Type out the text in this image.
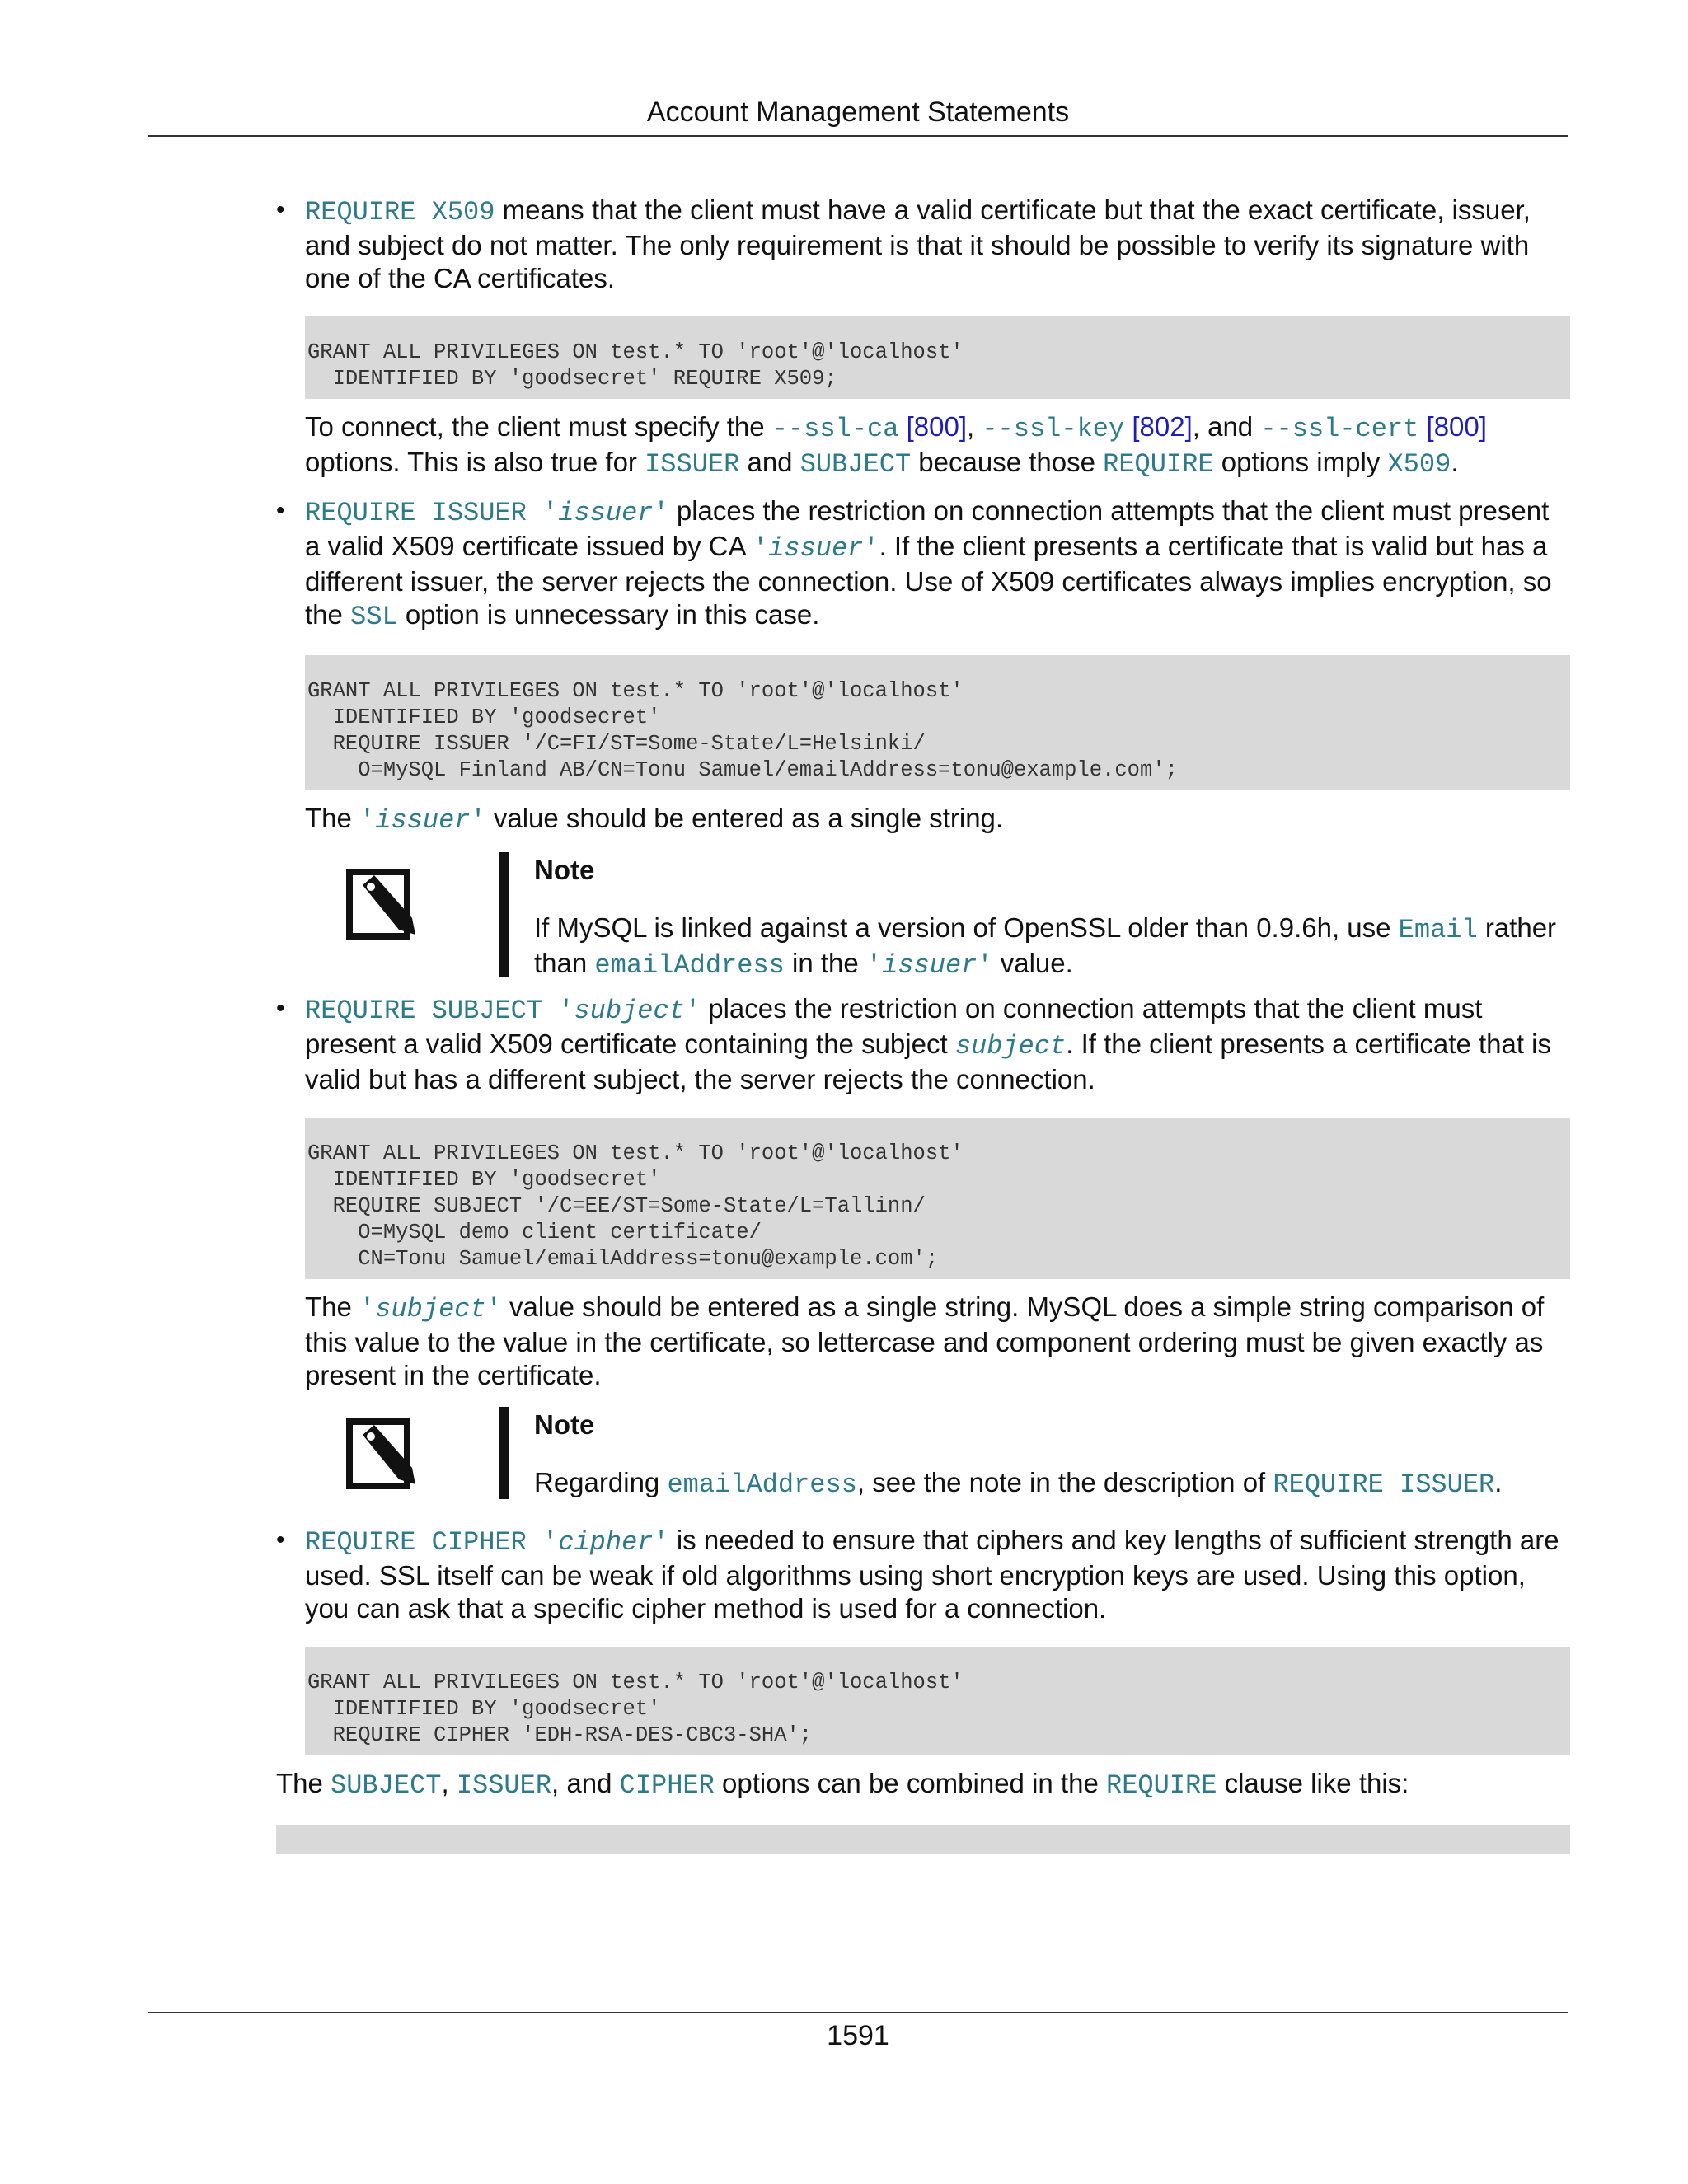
Account Management Statements
• REQUIRE X509 means that the client must have a valid certificate but that the exact certificate, issuer, and subject do not matter. The only requirement is that it should be possible to verify its signature with one of the CA certificates.

GRANT ALL PRIVILEGES ON test.* TO 'root'@'localhost'
IDENTIFIED BY 'goodsecret' REQUIRE X509;

To connect, the client must specify the --ssl-ca [800], --ssl-key [802], and --ssl-cert [800] options. This is also true for ISSUER and SUBJECT because those REQUIRE options imply X509.

• REQUIRE ISSUER 'issuer' places the restriction on connection attempts that the client must present a valid X509 certificate issued by CA 'issuer'. If the client presents a certificate that is valid but has a different issuer, the server rejects the connection. Use of X509 certificates always implies encryption, so the SSL option is unnecessary in this case.

GRANT ALL PRIVILEGES ON test.* TO 'root'@'localhost'
IDENTIFIED BY 'goodsecret'
REQUIRE ISSUER '/C=FI/ST=Some-State/L=Helsinki/
O=MySQL Finland AB/CN=Tonu Samuel/emailAddress=tonu@example.com';

The 'issuer' value should be entered as a single string.

Note
If MySQL is linked against a version of OpenSSL older than 0.9.6h, use Email rather than emailAddress in the 'issuer' value.
• REQUIRE SUBJECT 'subject' places the restriction on connection attempts that the client must present a valid X509 certificate containing the subject subject. If the client presents a certificate that is valid but has a different subject, the server rejects the connection.

GRANT ALL PRIVILEGES ON test.* TO 'root'@'localhost'
IDENTIFIED BY 'goodsecret'
REQUIRE SUBJECT '/C=EE/ST=Some-State/L=Tallinn/
O=MySQL demo client certificate/
CN=Tonu Samuel/emailAddress=tonu@example.com';

The 'subject' value should be entered as a single string. MySQL does a simple string comparison of this value to the value in the certificate, so lettercase and component ordering must be given exactly as present in the certificate.

Note
Regarding emailAddress, see the note in the description of REQUIRE ISSUER.
• REQUIRE CIPHER 'cipher' is needed to ensure that ciphers and key lengths of sufficient strength are used. SSL itself can be weak if old algorithms using short encryption keys are used. Using this option, you can ask that a specific cipher method is used for a connection.

GRANT ALL PRIVILEGES ON test.* TO 'root'@'localhost'
IDENTIFIED BY 'goodsecret'
REQUIRE CIPHER 'EDH-RSA-DES-CBC3-SHA';

The SUBJECT, ISSUER, and CIPHER options can be combined in the REQUIRE clause like this:

1591
